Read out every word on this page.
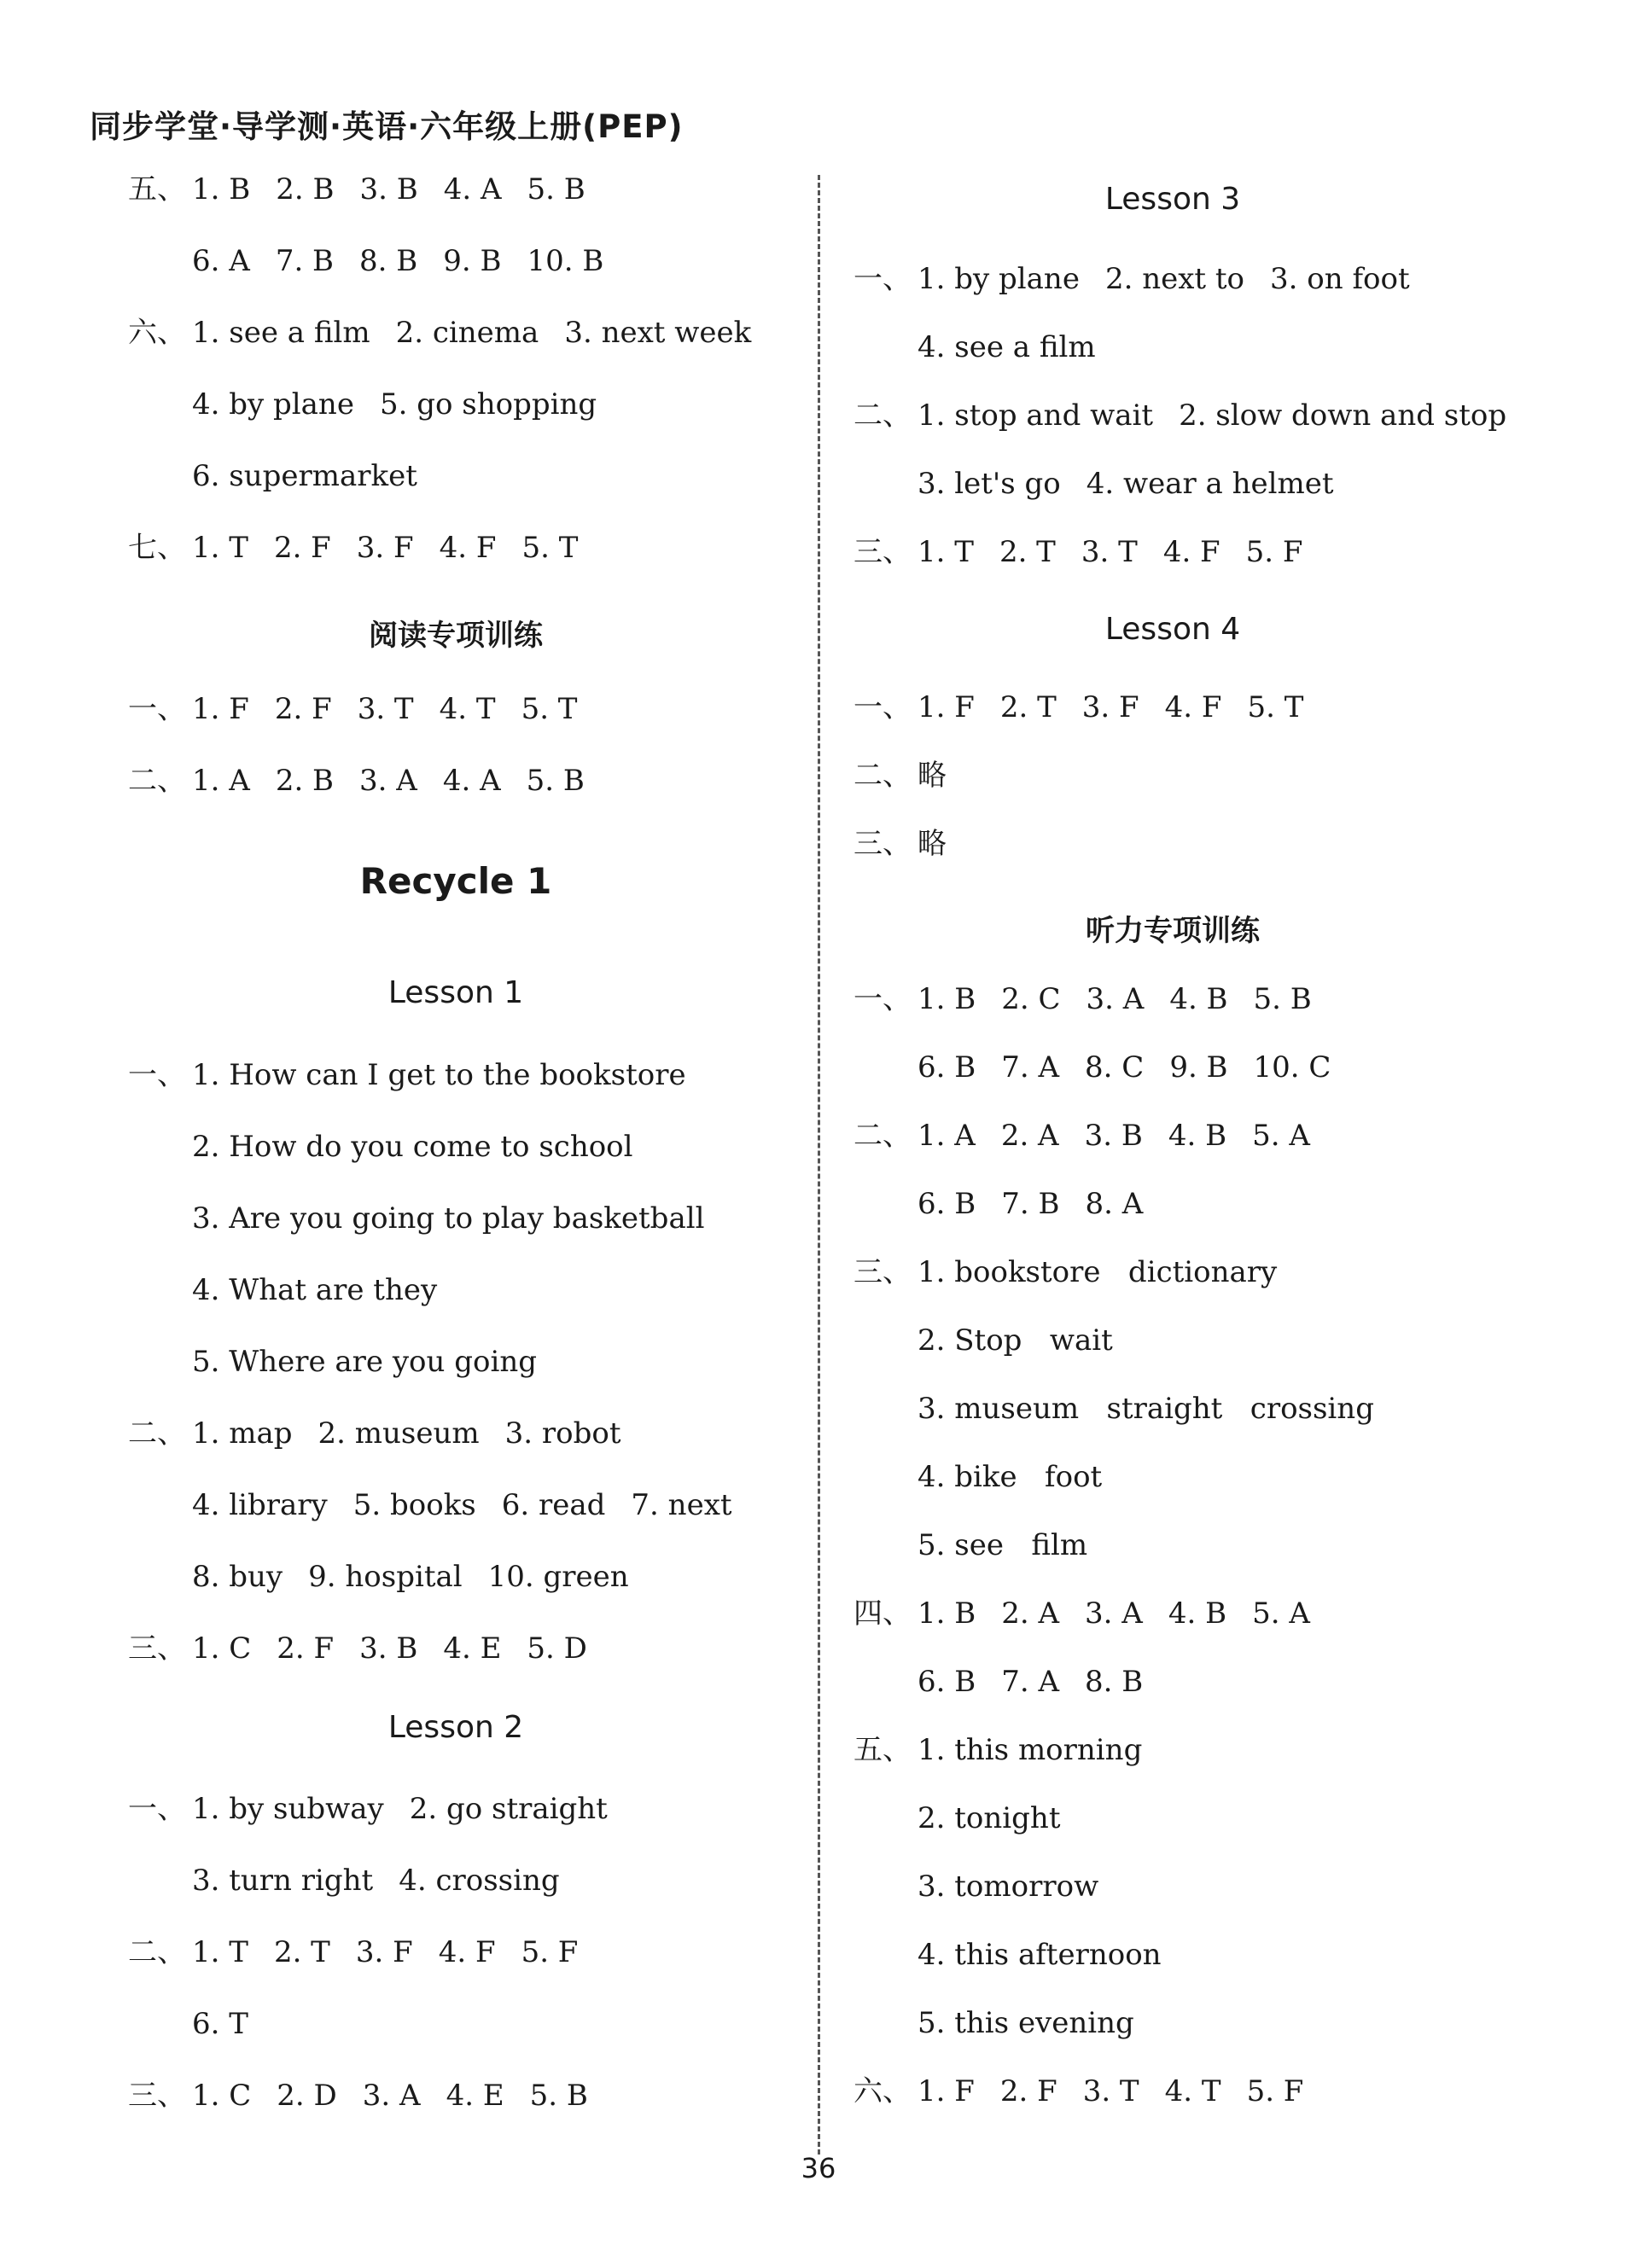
同步学堂·导学测·英语·六年级上册(PEP)
五、 1. B 2. B 3. B 4. A 5. B
6. A 7. B 8. B 9. B 10. B
六、 1. see a film 2. cinema 3. next week
4. by plane 5. go shopping
6. supermarket
七、 1. T 2. F 3. F 4. F 5. T
阅读专项训练
一、 1. F 2. F 3. T 4. T 5. T
二、 1. A 2. B 3. A 4. A 5. B
Recycle 1
Lesson 1
一、 1. How can I get to the bookstore
2. How do you come to school
3. Are you going to play basketball
4. What are they
5. Where are you going
二、 1. map 2. museum 3. robot
4. library 5. books 6. read 7. next
8. buy 9. hospital 10. green
三、 1. C 2. F 3. B 4. E 5. D
Lesson 2
一、 1. by subway 2. go straight
3. turn right 4. crossing
二、 1. T 2. T 3. F 4. F 5. F
6. T
三、 1. C 2. D 3. A 4. E 5. B
Lesson 3
一、 1. by plane 2. next to 3. on foot
4. see a film
二、 1. stop and wait 2. slow down and stop
3. let's go 4. wear a helmet
三、 1. T 2. T 3. T 4. F 5. F
Lesson 4
一、 1. F 2. T 3. F 4. F 5. T
二、 略
三、 略
听力专项训练
一、 1. B 2. C 3. A 4. B 5. B
6. B 7. A 8. C 9. B 10. C
二、 1. A 2. A 3. B 4. B 5. A
6. B 7. B 8. A
三、 1. bookstore   dictionary
2. Stop   wait
3. museum   straight   crossing
4. bike   foot
5. see   film
四、 1. B 2. A 3. A 4. B 5. A
6. B 7. A 8. B
五、 1. this morning
2. tonight
3. tomorrow
4. this afternoon
5. this evening
六、 1. F 2. F 3. T 4. T 5. F
36
